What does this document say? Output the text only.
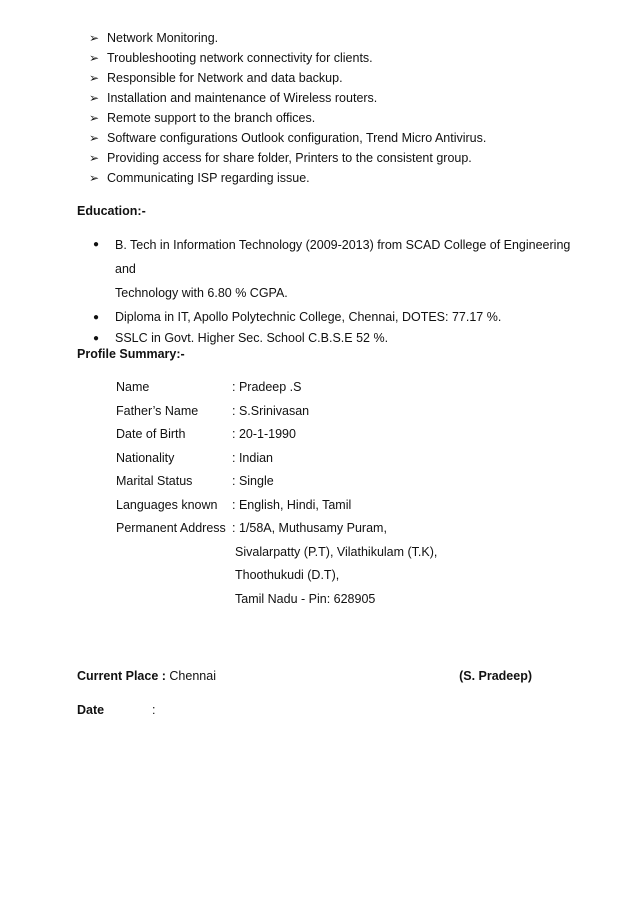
➢ Network Monitoring.
➢ Troubleshooting network connectivity for clients.
➢ Responsible for Network and data backup.
➢ Installation and maintenance of Wireless routers.
➢ Remote support to the branch offices.
➢ Software configurations Outlook configuration, Trend Micro Antivirus.
➢ Providing access for share folder, Printers to the consistent group.
➢ Communicating ISP regarding issue.
Education:-
●	B. Tech in Information Technology (2009-2013) from SCAD College of Engineering and
Technology with 6.80 % CGPA.
●	Diploma in IT, Apollo Polytechnic College, Chennai, DOTES: 77.17 %.
●	SSLC in Govt. Higher Sec. School C.B.S.E 52 %.
Profile Summary:-
Name	: Pradeep .S
Father’s Name	: S.Srinivasan
Date of Birth	: 20-1-1990
Nationality	: Indian
Marital Status	: Single
Languages known	: English, Hindi, Tamil
Permanent Address : 1/58A, Muthusamy Puram,
Sivalarpatty (P.T), Vilathikulam (T.K),
Thoothukudi (D.T),
Tamil Nadu - Pin: 628905
Current Place : Chennai	(S. Pradeep)
Date	:
